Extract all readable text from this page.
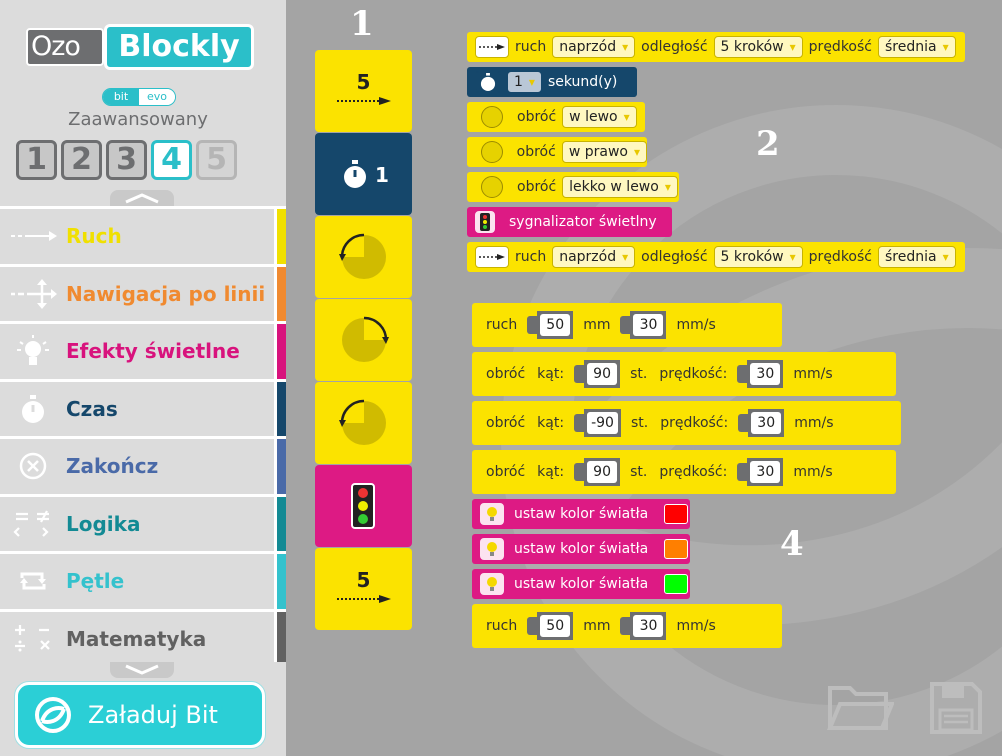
Ozo	Blockly
bit	evo
Zaawansowany
1 2 3 4 5
Ruch
Nawigacja po linii
Efekty świetlne
Czas
Zakończ
Logika
Pętle
Matematyka
Załaduj Bit
1
2
4
5
1
5
ruch naprzód ▾	odległość 5 kroków ▾	prędkość średnia ▾
1 ▾	sekund(y)
obróć w lewo ▾
obróć w prawo ▾
obróć lekko w lewo ▾
sygnalizator świetlny
ruch naprzód ▾	odległość 5 kroków ▾	prędkość średnia ▾
ruch	50	mm	30	mm/s
obróć kąt:	90	st. prędkość:	30	mm/s
obróć kąt: -90 st. prędkość:	30	mm/s
obróć kąt:	90	st. prędkość:	30	mm/s
ustaw kolor światła
ustaw kolor światła
ustaw kolor światła
ruch	50	mm	30	mm/s
